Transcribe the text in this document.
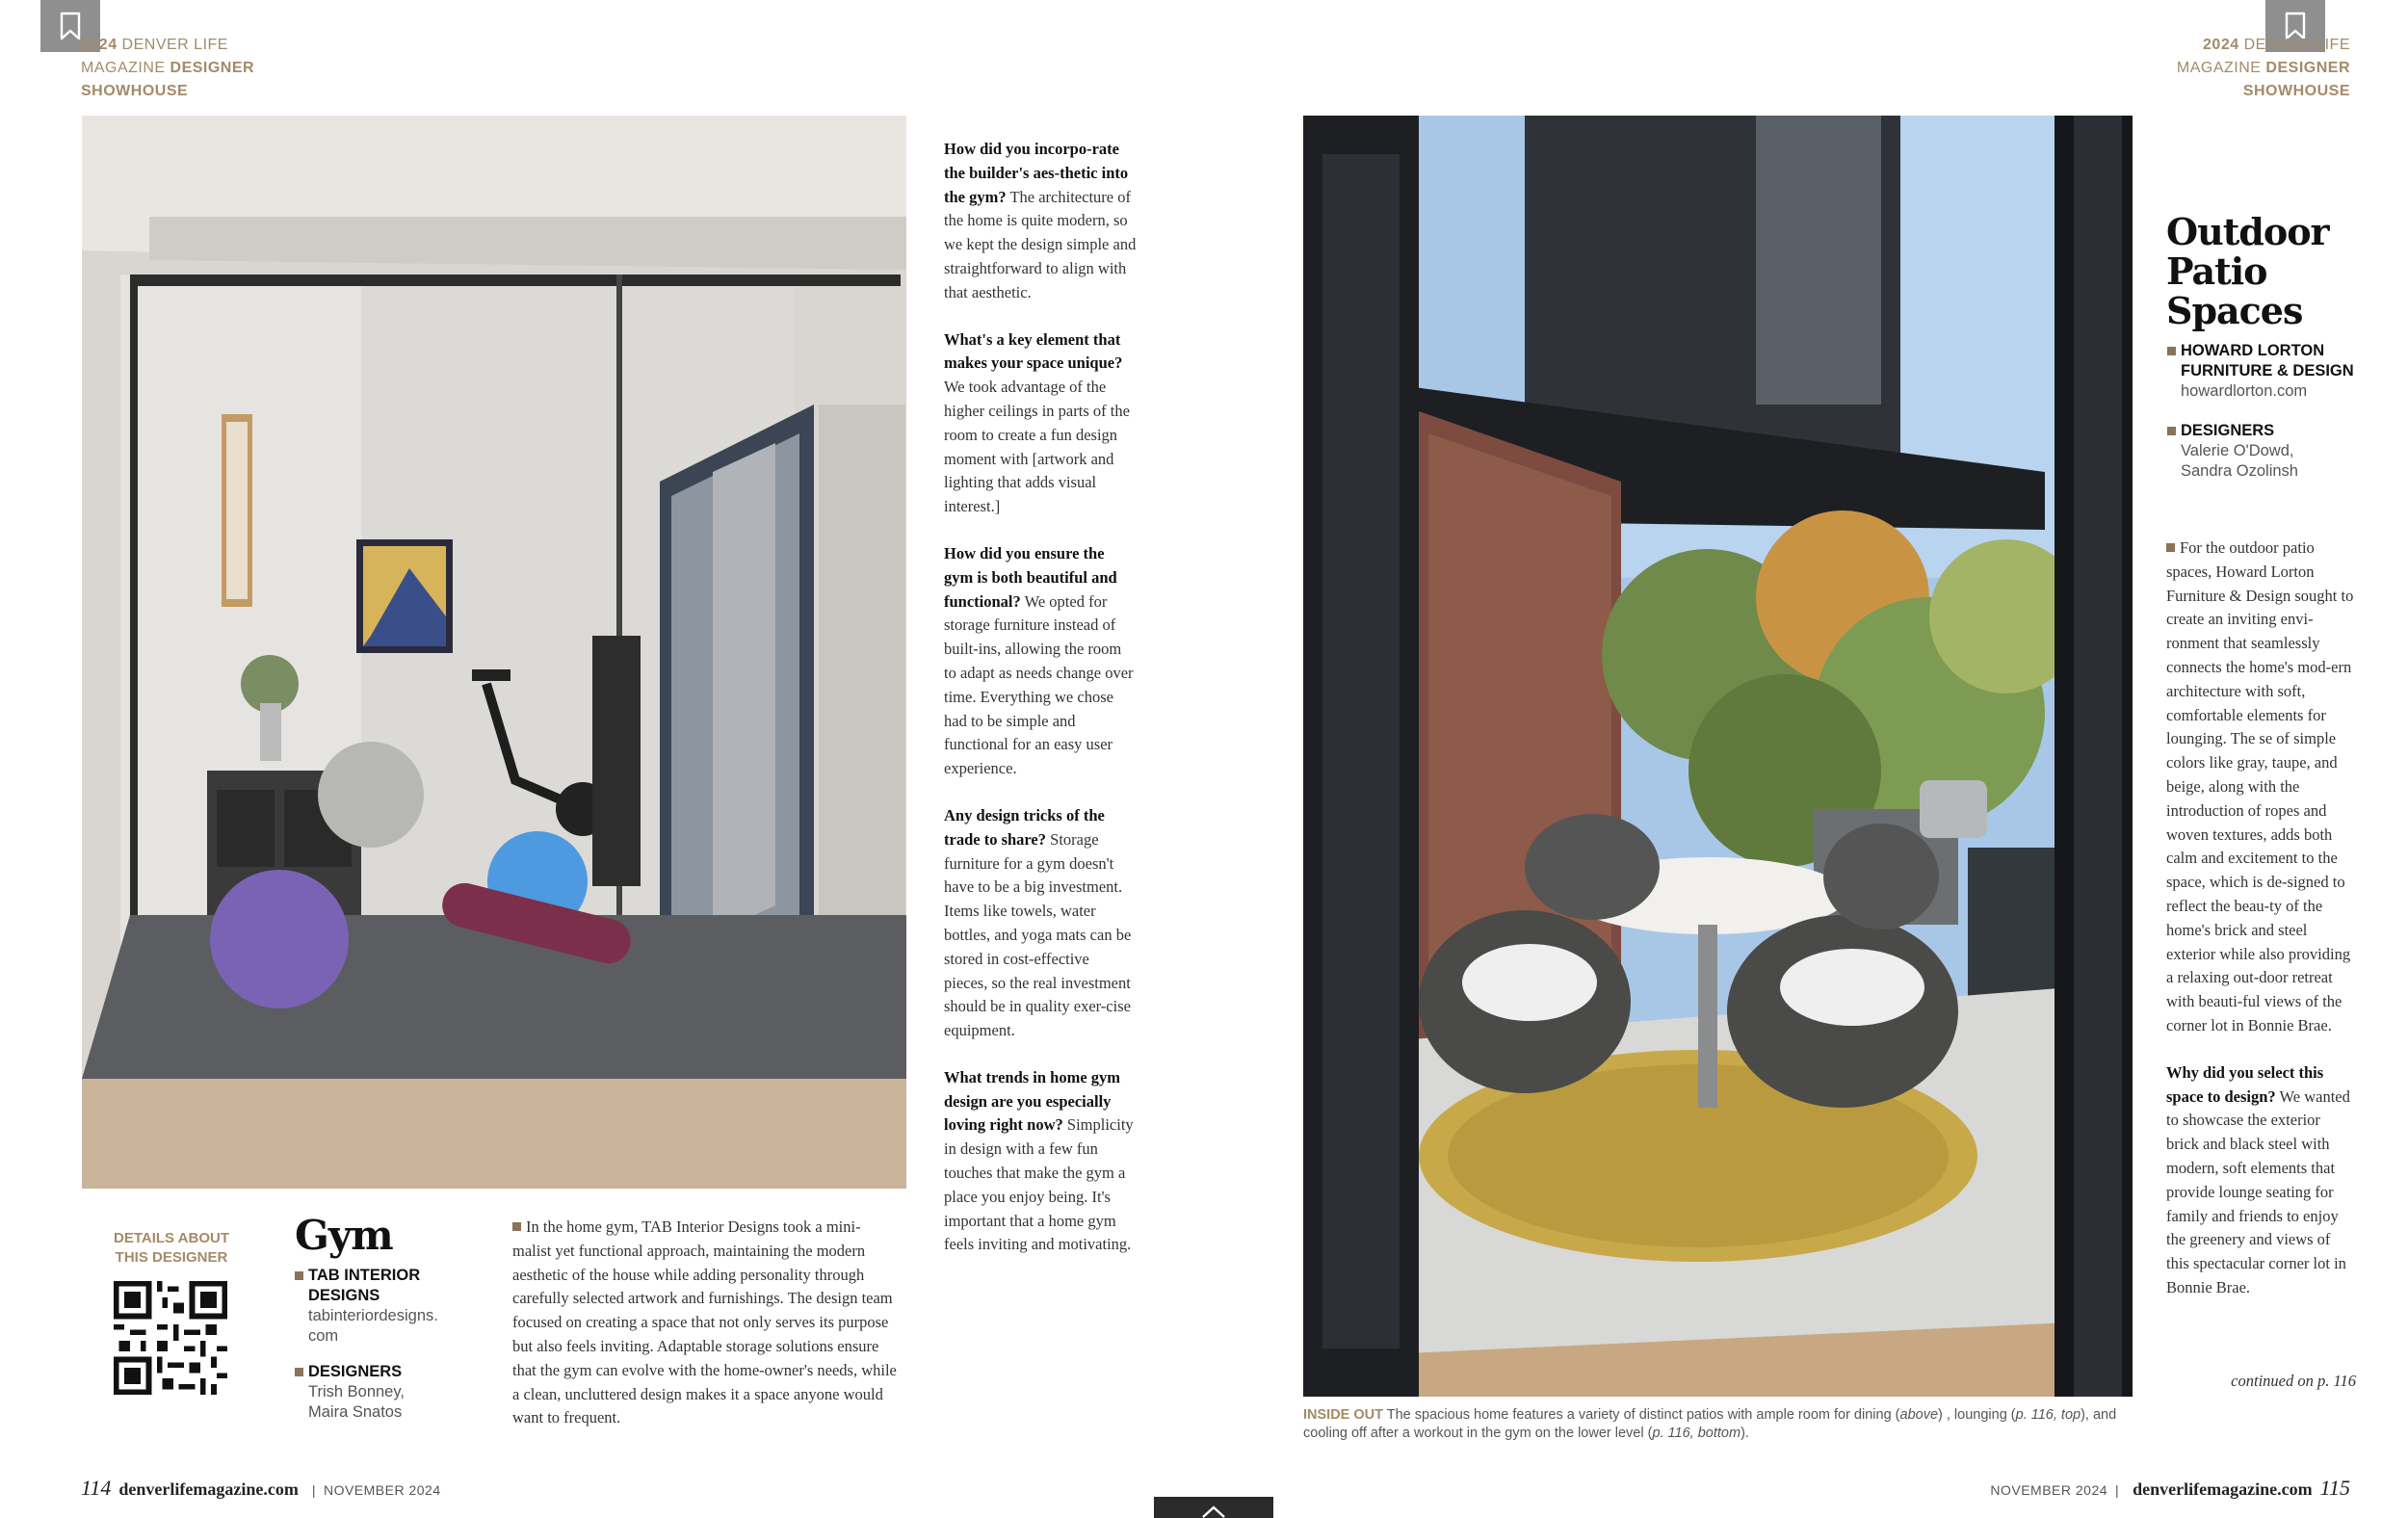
2024 DENVER LIFE
MAGAZINE DESIGNER
SHOWHOUSE
2024 DENVER LIFE
MAGAZINE DESIGNER
SHOWHOUSE

How did you incorpo-rate the builder's aes-thetic into the gym? The architecture of the home is quite modern, so we kept the design simple and straightforward to align with that aesthetic.

What's a key element that makes your space unique? We took advantage of the higher ceilings in parts of the room to create a fun design moment with [artwork and lighting that adds visual interest.]

How did you ensure the gym is both beautiful and functional? We opted for storage furniture instead of built-ins, allowing the room to adapt as needs change over time. Everything we chose had to be simple and functional for an easy user experience.

Any design tricks of the trade to share? Storage furniture for a gym doesn't have to be a big investment. Items like towels, water bottles, and yoga mats can be stored in cost-effective pieces, so the real investment should be in quality exer-cise equipment.

What trends in home gym design are you especially loving right now? Simplicity in design with a few fun touches that make the gym a place you enjoy being. It's important that a home gym feels inviting and motivating.

DETAILS ABOUT THIS DESIGNER Gym
TAB INTERIOR DESIGNS
tabinteriordesigns. com
DESIGNERS
Trish Bonney, Maira Snatos
In the home gym, TAB Interior Designs took a mini-malist yet functional approach, maintaining the modern aesthetic of the house while adding personality through carefully selected artwork and furnishings. The design team focused on creating a space that not only serves its purpose but also feels inviting. Adaptable storage solutions ensure that the gym can evolve with the home-owner's needs, while a clean, uncluttered design makes it a space anyone would want to frequent.	INSIDE OUT The spacious home features a variety of distinct patios with ample room for dining (above) , lounging (p. 116, top), and cooling off after a workout in the gym on the lower level (p. 116, bottom).
Outdoor Patio Spaces
HOWARD LORTON FURNITURE & DESIGN
howardlorton.com
DESIGNERS
Valerie O'Dowd, Sandra Ozolinsh

For the outdoor patio spaces, Howard Lorton Furniture & Design sought to create an inviting envi-ronment that seamlessly connects the home's mod-ern architecture with soft, comfortable elements for lounging. The se of simple colors like gray, taupe, and beige, along with the introduction of ropes and woven textures, adds both calm and excitement to the space, which is de-signed to reflect the beau-ty of the home's brick and steel exterior while also providing a relaxing out-door retreat with beauti-ful views of the corner lot in Bonnie Brae.

Why did you select this space to design? We wanted to showcase the exterior brick and black steel with modern, soft elements that provide lounge seating for family and friends to enjoy the greenery and views of this spectacular corner lot in Bonnie Brae.

continued on p. 116
114 denverlifemagazine.com | NOVEMBER 2024	NOVEMBER 2024 | denverlifemagazine.com 115
